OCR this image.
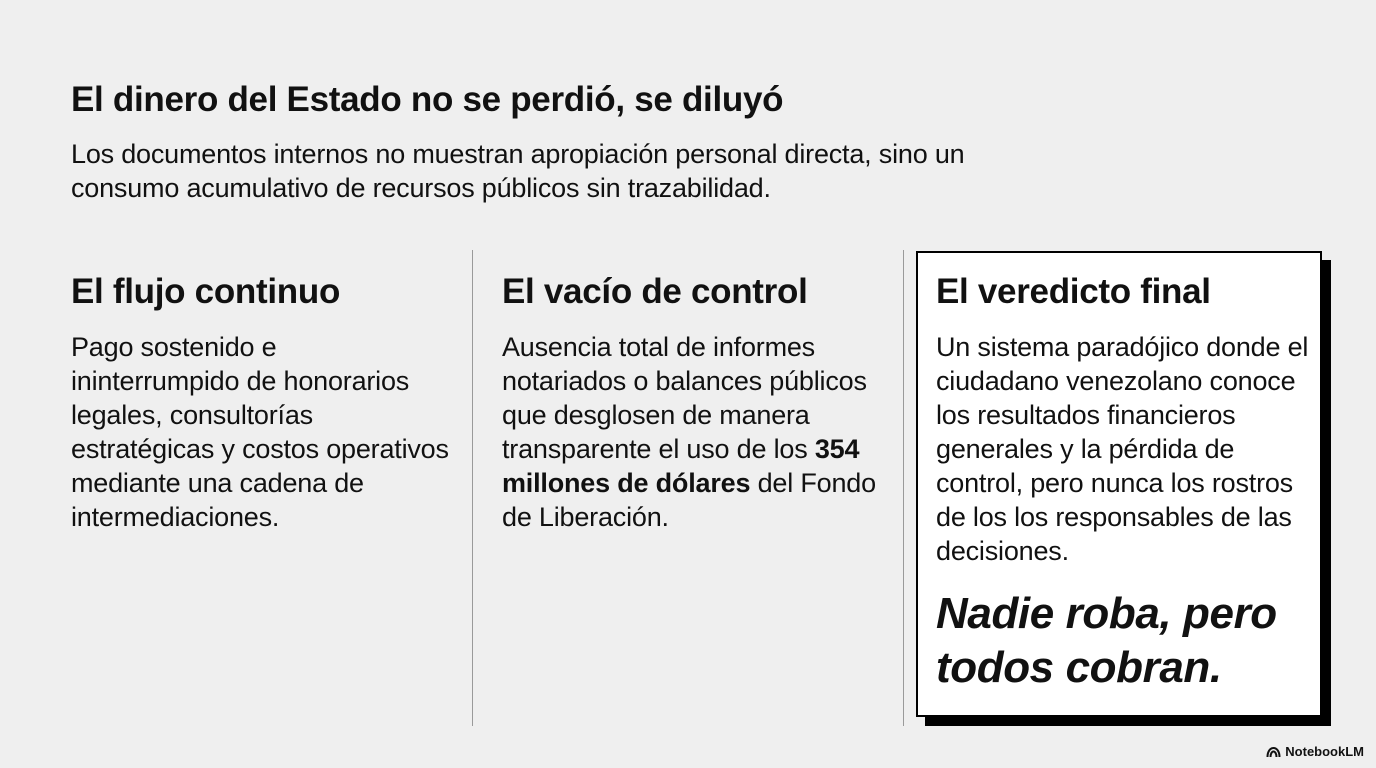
El dinero del Estado no se perdió, se diluyó

Los documentos internos no muestran apropiación personal directa, sino un consumo acumulativo de recursos públicos sin trazabilidad.

El flujo continuo

Pago sostenido e ininterrumpido de honorarios legales, consultorías estratégicas y costos operativos mediante una cadena de intermediaciones.

El vacío de control

Ausencia total de informes notariados o balances públicos que desglosen de manera transparente el uso de los 354 millones de dólares del Fondo de Liberación.

El veredicto final

Un sistema paradójico donde el ciudadano venezolano conoce los resultados financieros generales y la pérdida de control, pero nunca los rostros de los los responsables de las decisiones.

Nadie roba, pero todos cobran.

NotebookLM
